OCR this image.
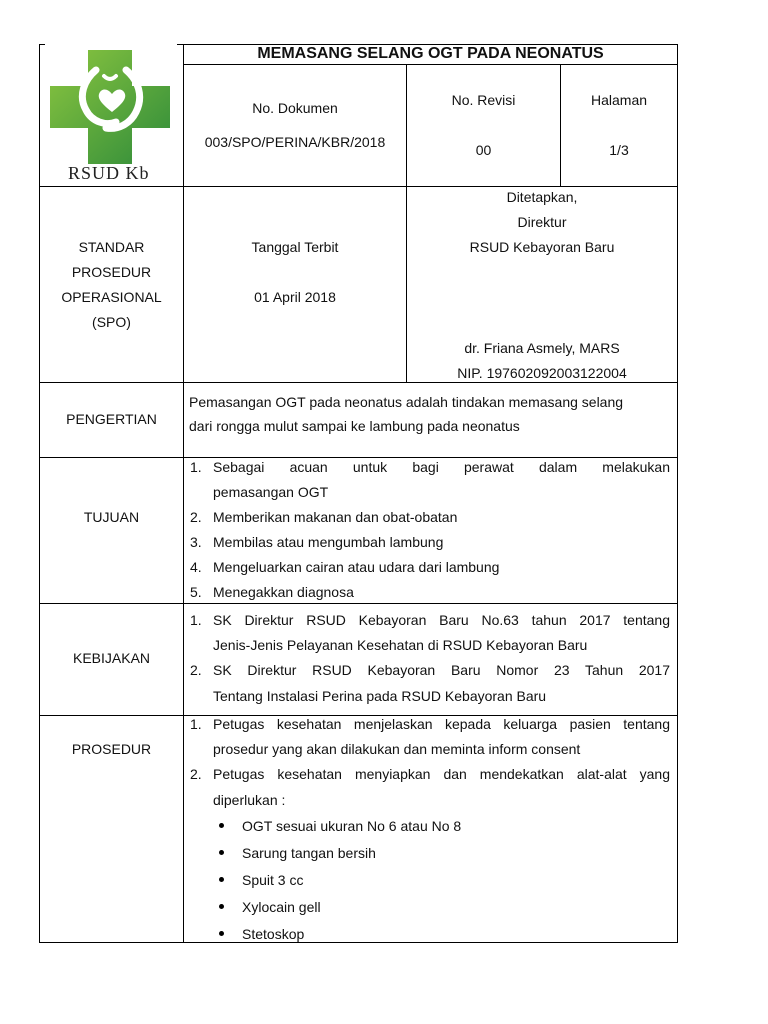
RSUD Kb
MEMASANG SELANG OGT PADA NEONATUS
No. Dokumen
003/SPO/PERINA/KBR/2018
No. Revisi
00
Halaman
1/3
STANDAR
PROSEDUR
OPERASIONAL
(SPO)
Tanggal Terbit
01 April 2018
Ditetapkan,
Direktur
RSUD Kebayoran Baru
dr. Friana Asmely, MARS
NIP. 197602092003122004
PENGERTIAN
Pemasangan OGT pada neonatus adalah tindakan memasang selang
dari rongga mulut sampai ke lambung pada neonatus
TUJUAN
1. Sebagai acuan untuk bagi perawat dalam melakukan
pemasangan OGT
2. Memberikan makanan dan obat-obatan
3. Membilas atau mengumbah lambung
4. Mengeluarkan cairan atau udara dari lambung
5. Menegakkan diagnosa
KEBIJAKAN
1. SK Direktur RSUD Kebayoran Baru No.63 tahun 2017 tentang
Jenis-Jenis Pelayanan Kesehatan di RSUD Kebayoran Baru
2. SK Direktur RSUD Kebayoran Baru Nomor 23 Tahun 2017
Tentang Instalasi Perina pada RSUD Kebayoran Baru
PROSEDUR
1. Petugas kesehatan menjelaskan kepada keluarga pasien tentang
prosedur yang akan dilakukan dan meminta inform consent
2. Petugas kesehatan menyiapkan dan mendekatkan alat-alat yang
diperlukan :
OGT sesuai ukuran No 6 atau No 8
Sarung tangan bersih
Spuit 3 cc
Xylocain gell
Stetoskop
